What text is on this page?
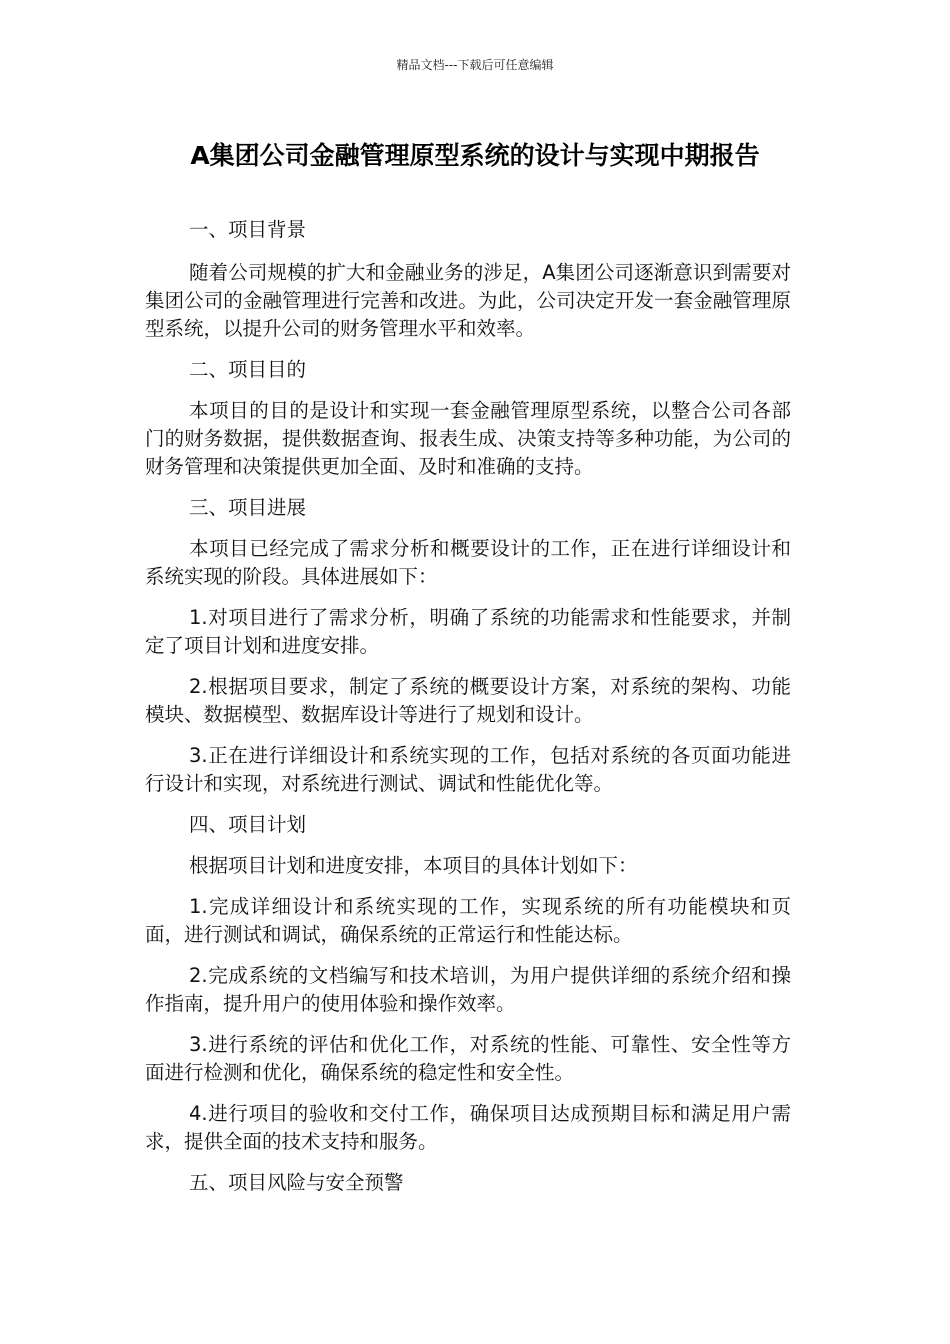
精品文档---下载后可任意编辑
A集团公司金融管理原型系统的设计与实现中期报告

一、项目背景

随着公司规模的扩大和金融业务的涉足，A集团公司逐渐意识到需要对集团公司的金融管理进行完善和改进。为此，公司决定开发一套金融管理原型系统，以提升公司的财务管理水平和效率。

二、项目目的

本项目的目的是设计和实现一套金融管理原型系统，以整合公司各部门的财务数据，提供数据查询、报表生成、决策支持等多种功能，为公司的财务管理和决策提供更加全面、及时和准确的支持。

三、项目进展

本项目已经完成了需求分析和概要设计的工作，正在进行详细设计和系统实现的阶段。具体进展如下：

1.对项目进行了需求分析，明确了系统的功能需求和性能要求，并制定了项目计划和进度安排。

2.根据项目要求，制定了系统的概要设计方案，对系统的架构、功能模块、数据模型、数据库设计等进行了规划和设计。

3.正在进行详细设计和系统实现的工作，包括对系统的各页面功能进行设计和实现，对系统进行测试、调试和性能优化等。

四、项目计划

根据项目计划和进度安排，本项目的具体计划如下：

1.完成详细设计和系统实现的工作，实现系统的所有功能模块和页面，进行测试和调试，确保系统的正常运行和性能达标。

2.完成系统的文档编写和技术培训，为用户提供详细的系统介绍和操作指南，提升用户的使用体验和操作效率。

3.进行系统的评估和优化工作，对系统的性能、可靠性、安全性等方面进行检测和优化，确保系统的稳定性和安全性。

4.进行项目的验收和交付工作，确保项目达成预期目标和满足用户需求，提供全面的技术支持和服务。

五、项目风险与安全预警
